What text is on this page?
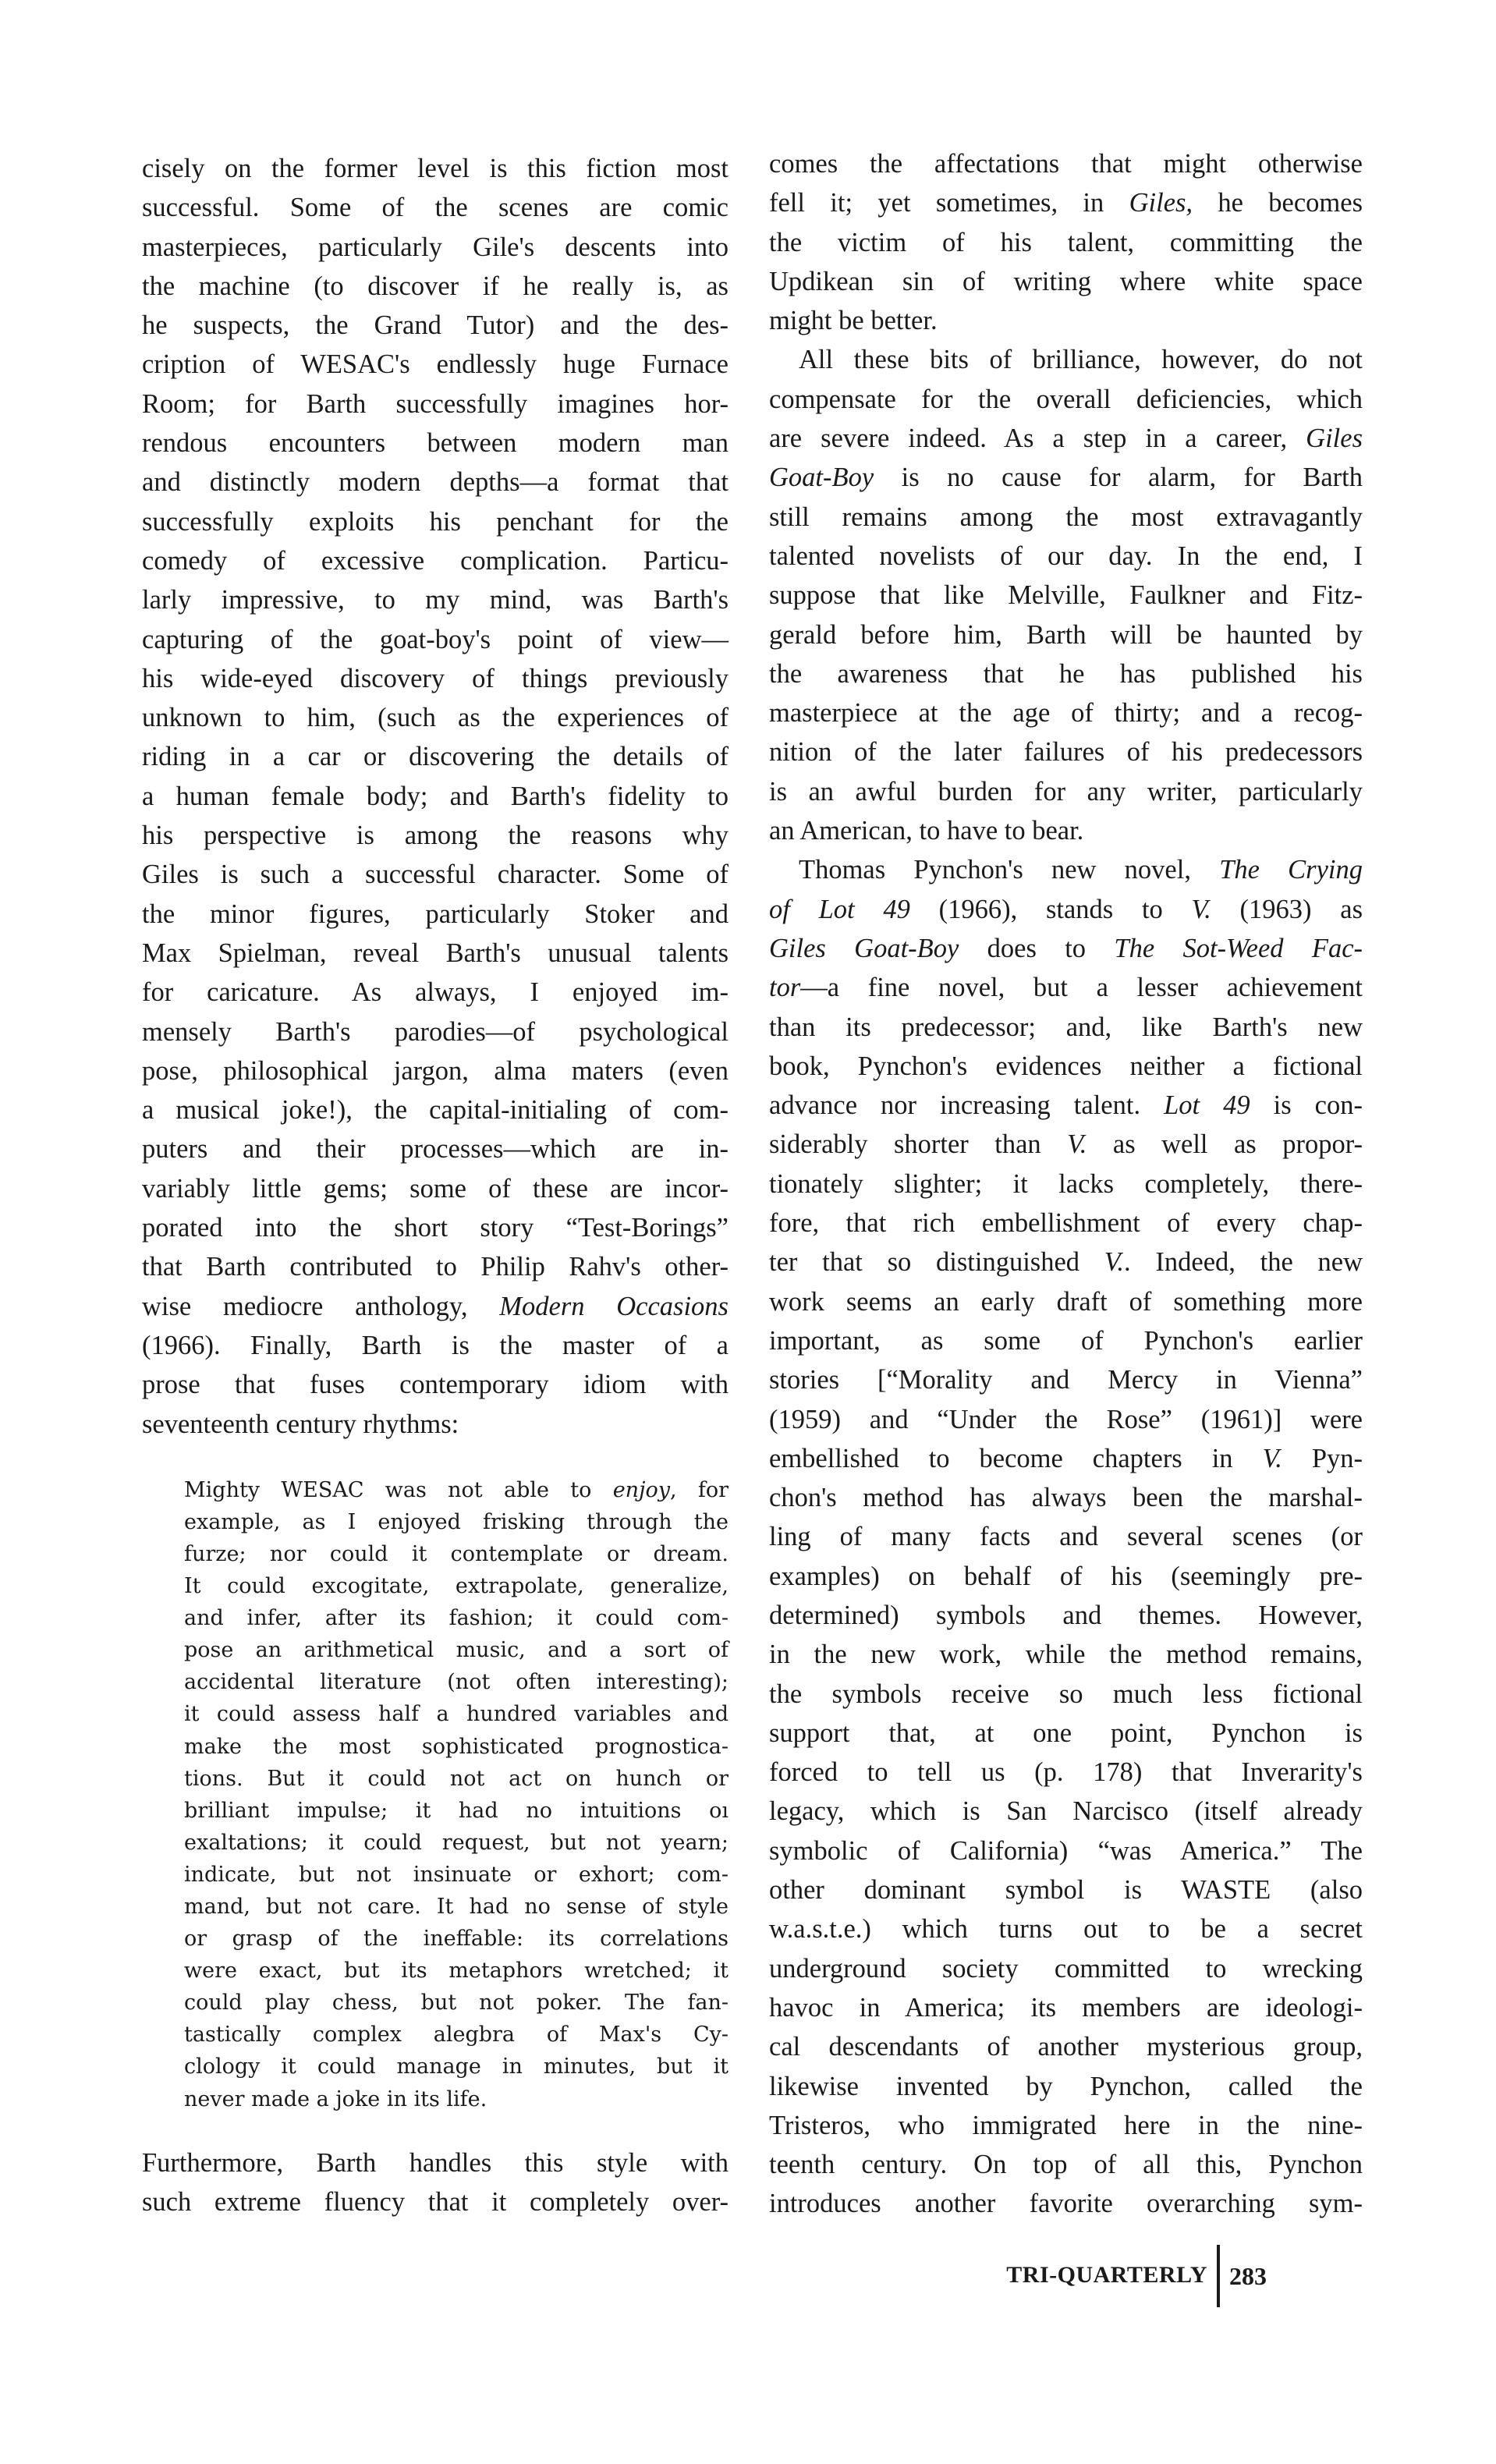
cisely on the former level is this fiction most
successful. Some of the scenes are comic
masterpieces, particularly Gile's descents into
the machine (to discover if he really is, as
he suspects, the Grand Tutor) and the des-
cription of WESAC's endlessly huge Furnace
Room; for Barth successfully imagines hor-
rendous encounters between modern man
and distinctly modern depths—a format that
successfully exploits his penchant for the
comedy of excessive complication. Particu-
larly impressive, to my mind, was Barth's
capturing of the goat-boy's point of view—
his wide-eyed discovery of things previously
unknown to him, (such as the experiences of
riding in a car or discovering the details of
a human female body; and Barth's fidelity to
his perspective is among the reasons why
Giles is such a successful character. Some of
the minor figures, particularly Stoker and
Max Spielman, reveal Barth's unusual talents
for caricature. As always, I enjoyed im-
mensely Barth's parodies—of psychological
pose, philosophical jargon, alma maters (even
a musical joke!), the capital-initialing of com-
puters and their processes—which are in-
variably little gems; some of these are incor-
porated into the short story “Test-Borings”
that Barth contributed to Philip Rahv's other-
wise mediocre anthology, Modern Occasions
(1966). Finally, Barth is the master of a
prose that fuses contemporary idiom with
seventeenth century rhythms:
Mighty WESAC was not able to enjoy, for
example, as I enjoyed frisking through the
furze; nor could it contemplate or dream.
It could excogitate, extrapolate, generalize,
and infer, after its fashion; it could com-
pose an arithmetical music, and a sort of
accidental literature (not often interesting);
it could assess half a hundred variables and
make the most sophisticated prognostica-
tions. But it could not act on hunch or
brilliant impulse; it had no intuitions oı
exaltations; it could request, but not yearn;
indicate, but not insinuate or exhort; com-
mand, but not care. It had no sense of style
or grasp of the ineffable: its correlations
were exact, but its metaphors wretched; it
could play chess, but not poker. The fan-
tastically complex alegbra of Max's Cy-
clology it could manage in minutes, but it
never made a joke in its life.
Furthermore, Barth handles this style with
such extreme fluency that it completely over-
comes the affectations that might otherwise
fell it; yet sometimes, in Giles, he becomes
the victim of his talent, committing the
Updikean sin of writing where white space
might be better.
All these bits of brilliance, however, do not
compensate for the overall deficiencies, which
are severe indeed. As a step in a career, Giles
Goat-Boy is no cause for alarm, for Barth
still remains among the most extravagantly
talented novelists of our day. In the end, I
suppose that like Melville, Faulkner and Fitz-
gerald before him, Barth will be haunted by
the awareness that he has published his
masterpiece at the age of thirty; and a recog-
nition of the later failures of his predecessors
is an awful burden for any writer, particularly
an American, to have to bear.
Thomas Pynchon's new novel, The Crying
of Lot 49 (1966), stands to V. (1963) as
Giles Goat-Boy does to The Sot-Weed Fac-
tor—a fine novel, but a lesser achievement
than its predecessor; and, like Barth's new
book, Pynchon's evidences neither a fictional
advance nor increasing talent. Lot 49 is con-
siderably shorter than V. as well as propor-
tionately slighter; it lacks completely, there-
fore, that rich embellishment of every chap-
ter that so distinguished V.. Indeed, the new
work seems an early draft of something more
important, as some of Pynchon's earlier
stories [“Morality and Mercy in Vienna”
(1959) and “Under the Rose” (1961)] were
embellished to become chapters in V. Pyn-
chon's method has always been the marshal-
ling of many facts and several scenes (or
examples) on behalf of his (seemingly pre-
determined) symbols and themes. However,
in the new work, while the method remains,
the symbols receive so much less fictional
support that, at one point, Pynchon is
forced to tell us (p. 178) that Inverarity's
legacy, which is San Narcisco (itself already
symbolic of California) “was America.” The
other dominant symbol is WASTE (also
w.a.s.t.e.) which turns out to be a secret
underground society committed to wrecking
havoc in America; its members are ideologi-
cal descendants of another mysterious group,
likewise invented by Pynchon, called the
Tristeros, who immigrated here in the nine-
teenth century. On top of all this, Pynchon
introduces another favorite overarching sym-
TRI-QUARTERLY 283
